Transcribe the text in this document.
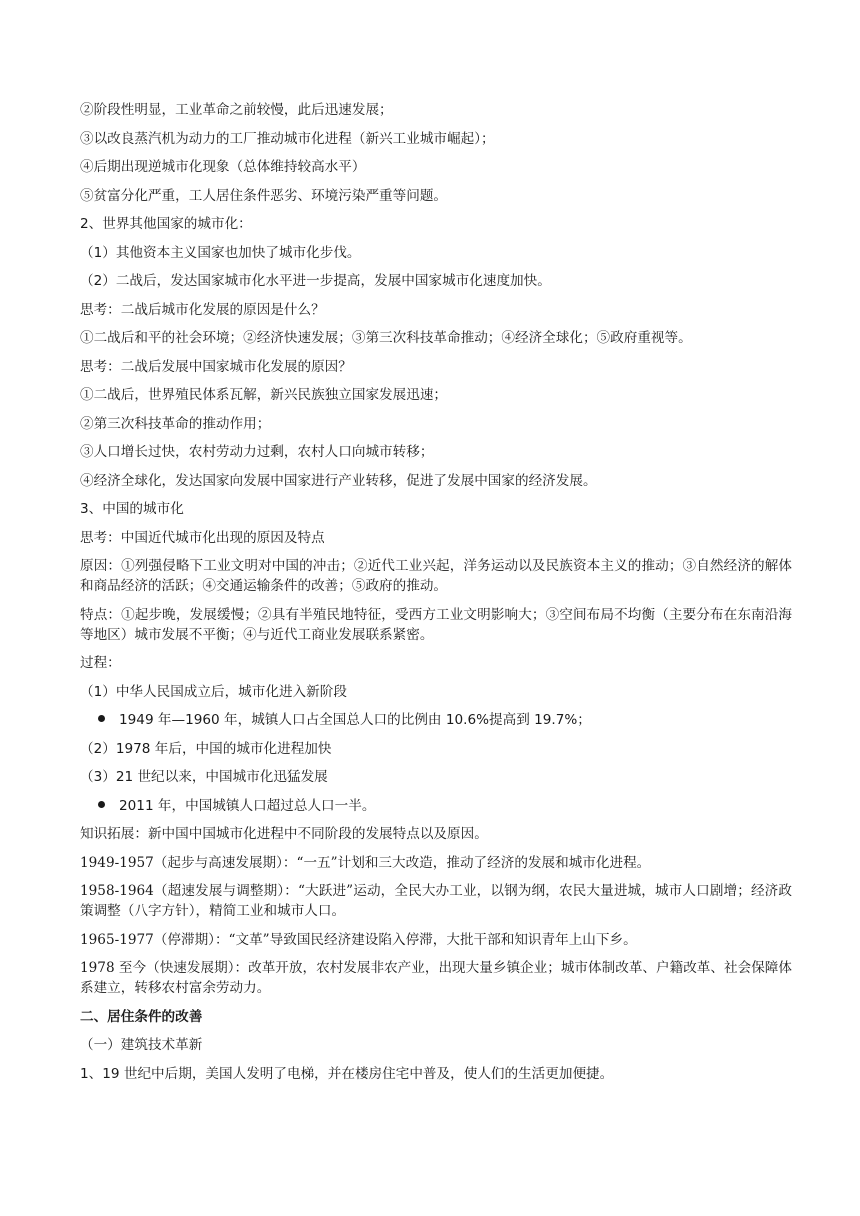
②阶段性明显，工业革命之前较慢，此后迅速发展；

③以改良蒸汽机为动力的工厂推动城市化进程（新兴工业城市崛起）；

④后期出现逆城市化现象（总体维持较高水平）

⑤贫富分化严重，工人居住条件恶劣、环境污染严重等问题。

2、世界其他国家的城市化：

（1）其他资本主义国家也加快了城市化步伐。

（2）二战后，发达国家城市化水平进一步提高，发展中国家城市化速度加快。

思考：二战后城市化发展的原因是什么？

①二战后和平的社会环境；②经济快速发展；③第三次科技革命推动；④经济全球化；⑤政府重视等。

思考：二战后发展中国家城市化发展的原因？

①二战后，世界殖民体系瓦解，新兴民族独立国家发展迅速；

②第三次科技革命的推动作用；

③人口增长过快，农村劳动力过剩，农村人口向城市转移；

④经济全球化，发达国家向发展中国家进行产业转移，促进了发展中国家的经济发展。

3、中国的城市化

思考：中国近代城市化出现的原因及特点

原因：①列强侵略下工业文明对中国的冲击；②近代工业兴起，洋务运动以及民族资本主义的推动；③自然经济的解体和商品经济的活跃；④交通运输条件的改善；⑤政府的推动。

特点：①起步晚，发展缓慢；②具有半殖民地特征，受西方工业文明影响大；③空间布局不均衡（主要分布在东南沿海等地区）城市发展不平衡；④与近代工商业发展联系紧密。

过程：

（1）中华人民国成立后，城市化进入新阶段

1949 年—1960 年，城镇人口占全国总人口的比例由 10.6%提高到 19.7%；

（2）1978 年后，中国的城市化进程加快

（3）21 世纪以来，中国城市化迅猛发展

2011 年，中国城镇人口超过总人口一半。

知识拓展：新中国中国城市化进程中不同阶段的发展特点以及原因。

1949-1957（起步与高速发展期）：“一五”计划和三大改造，推动了经济的发展和城市化进程。

1958-1964（超速发展与调整期）：“大跃进”运动，全民大办工业，以钢为纲，农民大量进城，城市人口剧增；经济政策调整（八字方针），精简工业和城市人口。

1965-1977（停滞期）：“文革”导致国民经济建设陷入停滞，大批干部和知识青年上山下乡。

1978 至今（快速发展期）：改革开放，农村发展非农产业，出现大量乡镇企业；城市体制改革、户籍改革、社会保障体系建立，转移农村富余劳动力。

二、居住条件的改善

（一）建筑技术革新

1、19 世纪中后期，美国人发明了电梯，并在楼房住宅中普及，使人们的生活更加便捷。
